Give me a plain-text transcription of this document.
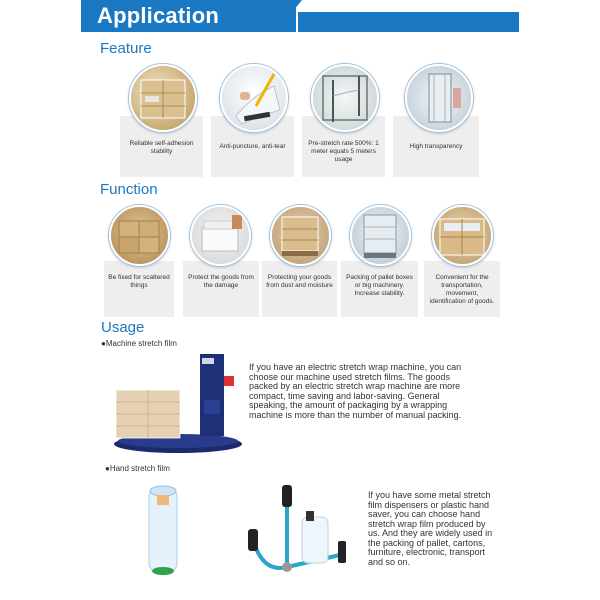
Application
Feature
Reliable self-adhesion stability
Anti-puncture, anti-tear	Pre-stretch rate 500%: 1 meter equals 5 meters usage
High transparency
Function
Be fixed for scattered things
Protect the goods from the damage
Protecting your goods from dust and moisture
Packing of pallet boxes or big machinery. Increase stability.
Convenient for the transportation, movement, identification of goods.
Usage
●Machine stretch film
If you have an electric stretch wrap machine, you can choose our machine used stretch films. The goods packed by an electric stretch wrap machine are more compact, time saving and labor-saving. General speaking, the amount of packaging by a wrapping machine is more than the number of manual packing.
●Hand stretch film
If you have some metal stretch film dispensers or plastic hand saver, you can choose hand stretch wrap film produced by us. And they are widely used in the packing of pallet, cartons, furniture, electronic, transport and so on.
